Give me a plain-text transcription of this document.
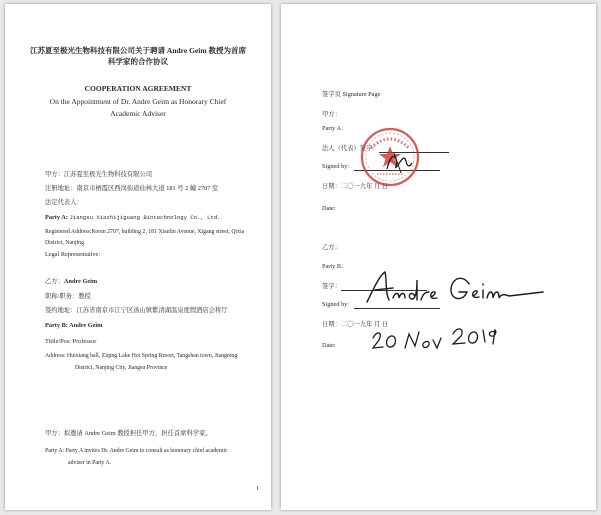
江苏夏至极光生物科技有限公司关于聘请 Andre Geim 教授为首席
科学家的合作协议
COOPERATION AGREEMENT
On the Appointment of Dr. Andre Geim as Honorary Chief
Academic Adviser
甲方：江苏夏至极光生物科技有限公司
注册地址：南京市栖霞区西岗街道仙林大道 181 号 2 幢 2707 室
法定代表人：
Party A: Jiangsu Xiazhijiguang Biotechnology Co., Ltd.
Registered Address:Room 2707, building 2, 181 Xianlin Avenue, Xigang street, Qixia
District, Nanjing
Legal Representative:
乙方：Andre Geim
职称/职务：教授
签约地址：江苏省南京市江宁区汤山镇紫清湖温泉度假酒店会将厅
Party B: Andre Geim
Titile/Pos: Professor
Address: Huixiang hall, Ziqing Lake Hot Spring Resort, Tangshan town, Jiangning
District, Nanjing City, Jiangsu Province
甲方：拟邀请 Andre Geim 教授担任甲方，担任首席科学家。
Party A: Party A invites Dr. Andre Geim to consult as honorary chief academic
adviser in Party A.
1
签字页 Signature Page
甲方：
Party A：
法人（代表）签字：
Signed by：
日期：二〇一九年 月 日
Date:
乙方：
Party B：
签字：
Signed by：
日期：二〇一九年 月 日
Date:
